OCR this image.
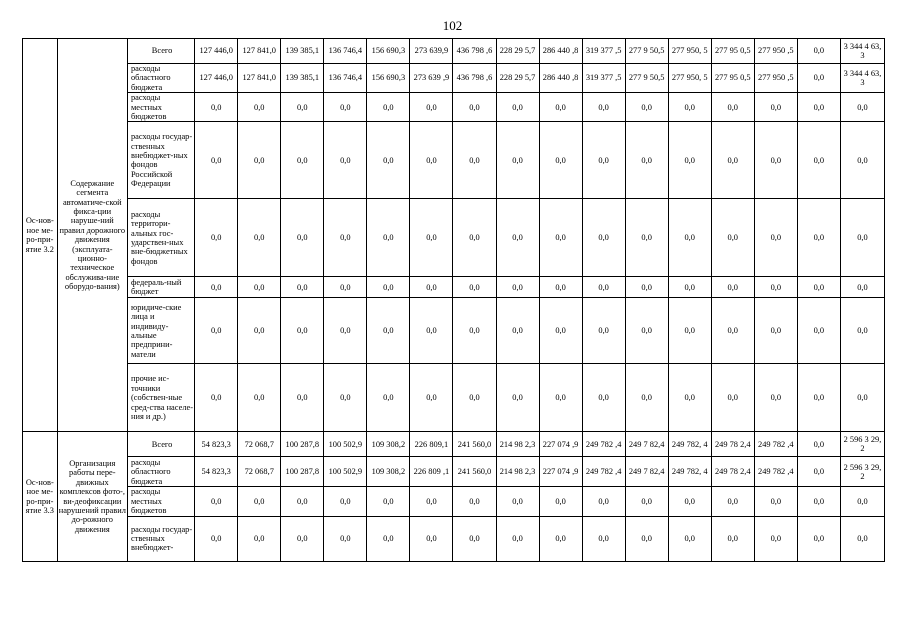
102
Ос-нов-ное ме-ро-при-ятие 3.2	Содержание сегмента автоматиче-ской фикса-ции наруше-ний правил дорожного движения (эксплуата-ционно-техническое обслужива-ние оборудо-вания)	Всего	127 446,0	127 841,0	139 385,1	136 746,4	156 690,3	273 639,9	436 798 ,6	228 29 5,7	286 440 ,8	319 377 ,5	277 9 50,5	277 950, 5	277 95 0,5	277 950 ,5	0,0	3 344 4 63,3
		расходы областного бюджета	127 446,0	127 841,0	139 385,1	136 746,4	156 690,3	273 639 ,9	436 798 ,6	228 29 5,7	286 440 ,8	319 377 ,5	277 9 50,5	277 950, 5	277 95 0,5	277 950 ,5	0,0	3 344 4 63,3
		расходы местных бюджетов	0,0	0,0	0,0	0,0	0,0	0,0	0,0	0,0	0,0	0,0	0,0	0,0	0,0	0,0	0,0	0,0
		расходы государ-ственных внебюджет-ных фондов Российской Федерации	0,0	0,0	0,0	0,0	0,0	0,0	0,0	0,0	0,0	0,0	0,0	0,0	0,0	0,0	0,0	0,0
		расходы территори-альных гос-ударствен-ных вне-бюджетных фондов	0,0	0,0	0,0	0,0	0,0	0,0	0,0	0,0	0,0	0,0	0,0	0,0	0,0	0,0	0,0	0,0
		федераль-ный бюджет	0,0	0,0	0,0	0,0	0,0	0,0	0,0	0,0	0,0	0,0	0,0	0,0	0,0	0,0	0,0	0,0
		юридиче-ские лица и индивиду-альные предприни-матели	0,0	0,0	0,0	0,0	0,0	0,0	0,0	0,0	0,0	0,0	0,0	0,0	0,0	0,0	0,0	0,0
		прочие ис-точники (собствен-ные сред-ства населе-ния и др.)	0,0	0,0	0,0	0,0	0,0	0,0	0,0	0,0	0,0	0,0	0,0	0,0	0,0	0,0	0,0	0,0
Ос-нов-ное ме-ро-при-ятие 3.3	Организация работы пере-движных комплексов фото-, ви-деофиксации нарушений правил до-рожного движения	Всего	54 823,3	72 068,7	100 287,8	100 502,9	109 308,2	226 809,1	241 560,0	214 98 2,3	227 074 ,9	249 782 ,4	249 7 82,4	249 782, 4	249 78 2,4	249 782 ,4	0,0	2 596 3 29,2
		расходы областного бюджета	54 823,3	72 068,7	100 287,8	100 502,9	109 308,2	226 809 ,1	241 560,0	214 98 2,3	227 074 ,9	249 782 ,4	249 7 82,4	249 782, 4	249 78 2,4	249 782 ,4	0,0	2 596 3 29,2
		расходы местных бюджетов	0,0	0,0	0,0	0,0	0,0	0,0	0,0	0,0	0,0	0,0	0,0	0,0	0,0	0,0	0,0	0,0
		расходы государ-ственных внебюджет-	0,0	0,0	0,0	0,0	0,0	0,0	0,0	0,0	0,0	0,0	0,0	0,0	0,0	0,0	0,0	0,0
